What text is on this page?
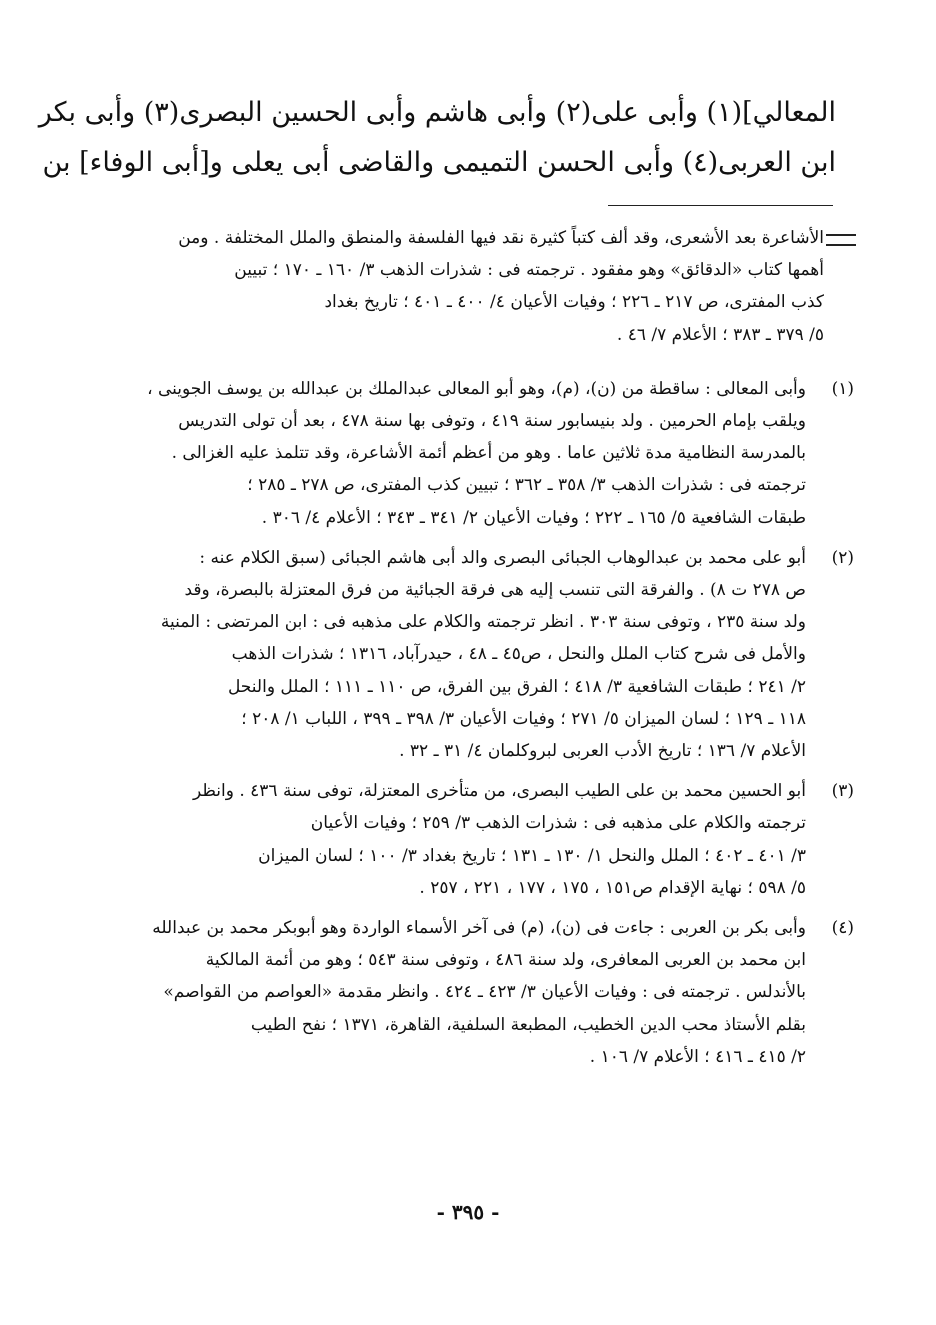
المعالي](١) وأبى على(٢) وأبى هاشم وأبى الحسين البصرى(٣) وأبى بكر
ابن العربى(٤) وأبى الحسن التميمى والقاضى أبى يعلى و[أبى الوفاء] بن
الأشاعرة بعد الأشعرى، وقد ألف كتباً كثيرة نقد فيها الفلسفة والمنطق والملل المختلفة . ومن
أهمها كتاب «الدقائق» وهو مفقود . ترجمته فى : شذرات الذهب ٣/ ١٦٠ ـ ١٧٠ ؛ تبيين
كذب المفترى، ص ٢١٧ ـ ٢٢٦ ؛ وفيات الأعيان ٤/ ٤٠٠ ـ ٤٠١ ؛ تاريخ بغداد
٥/ ٣٧٩ ـ ٣٨٣ ؛ الأعلام ٧/ ٤٦ .
(١)
وأبى المعالى : ساقطة من (ن)، (م)، وهو أبو المعالى عبدالملك بن عبدالله بن يوسف الجوينى ،
ويلقب بإمام الحرمين . ولد بنيسابور سنة ٤١٩ ، وتوفى بها سنة ٤٧٨ ، بعد أن تولى التدريس
بالمدرسة النظامية مدة ثلاثين عاما . وهو من أعظم أئمة الأشاعرة، وقد تتلمذ عليه الغزالى .
ترجمته فى : شذرات الذهب ٣/ ٣٥٨ ـ ٣٦٢ ؛ تبيين كذب المفترى، ص ٢٧٨ ـ ٢٨٥ ؛
طبقات الشافعية ٥/ ١٦٥ ـ ٢٢٢ ؛ وفيات الأعيان ٢/ ٣٤١ ـ ٣٤٣ ؛ الأعلام ٤/ ٣٠٦ .
(٢)
أبو على محمد بن عبدالوهاب الجبائى البصرى والد أبى هاشم الجبائى (سبق الكلام عنه :
ص ٢٧٨ ت ٨) . والفرقة التى تنسب إليه هى فرقة الجبائية من فرق المعتزلة بالبصرة، وقد
ولد سنة ٢٣٥ ، وتوفى سنة ٣٠٣ . انظر ترجمته والكلام على مذهبه فى : ابن المرتضى : المنية
والأمل فى شرح كتاب الملل والنحل ، ص٤٥ ـ ٤٨ ، حيدرآباد، ١٣١٦ ؛ شذرات الذهب
٢/ ٢٤١ ؛ طبقات الشافعية ٣/ ٤١٨ ؛ الفرق بين الفرق، ص ١١٠ ـ ١١١ ؛ الملل والنحل
١١٨ ـ ١٢٩ ؛ لسان الميزان ٥/ ٢٧١ ؛ وفيات الأعيان ٣/ ٣٩٨ ـ ٣٩٩ ، اللباب ١/ ٢٠٨ ؛
الأعلام ٧/ ١٣٦ ؛ تاريخ الأدب العربى لبروكلمان ٤/ ٣١ ـ ٣٢ .
(٣)
أبو الحسين محمد بن على الطيب البصرى، من متأخرى المعتزلة، توفى سنة ٤٣٦ . وانظر
ترجمته والكلام على مذهبه فى : شذرات الذهب ٣/ ٢٥٩ ؛ وفيات الأعيان
٣/ ٤٠١ ـ ٤٠٢ ؛ الملل والنحل ١/ ١٣٠ ـ ١٣١ ؛ تاريخ بغداد ٣/ ١٠٠ ؛ لسان الميزان
٥/ ٥٩٨ ؛ نهاية الإقدام ص١٥١ ، ١٧٥ ، ١٧٧ ، ٢٢١ ، ٢٥٧ .
(٤)
وأبى بكر بن العربى : جاءت فى (ن)، (م) فى آخر الأسماء الواردة وهو أبوبكر محمد بن عبدالله
ابن محمد بن العربى المعافرى، ولد سنة ٤٨٦ ، وتوفى سنة ٥٤٣ ؛ وهو من أئمة المالكية
بالأندلس . ترجمته فى : وفيات الأعيان ٣/ ٤٢٣ ـ ٤٢٤ . وانظر مقدمة «العواصم من القواصم»
بقلم الأستاذ محب الدين الخطيب، المطبعة السلفية، القاهرة، ١٣٧١ ؛ نفح الطيب
٢/ ٤١٥ ـ ٤١٦ ؛ الأعلام ٧/ ١٠٦ .
- ٣٩٥ -
